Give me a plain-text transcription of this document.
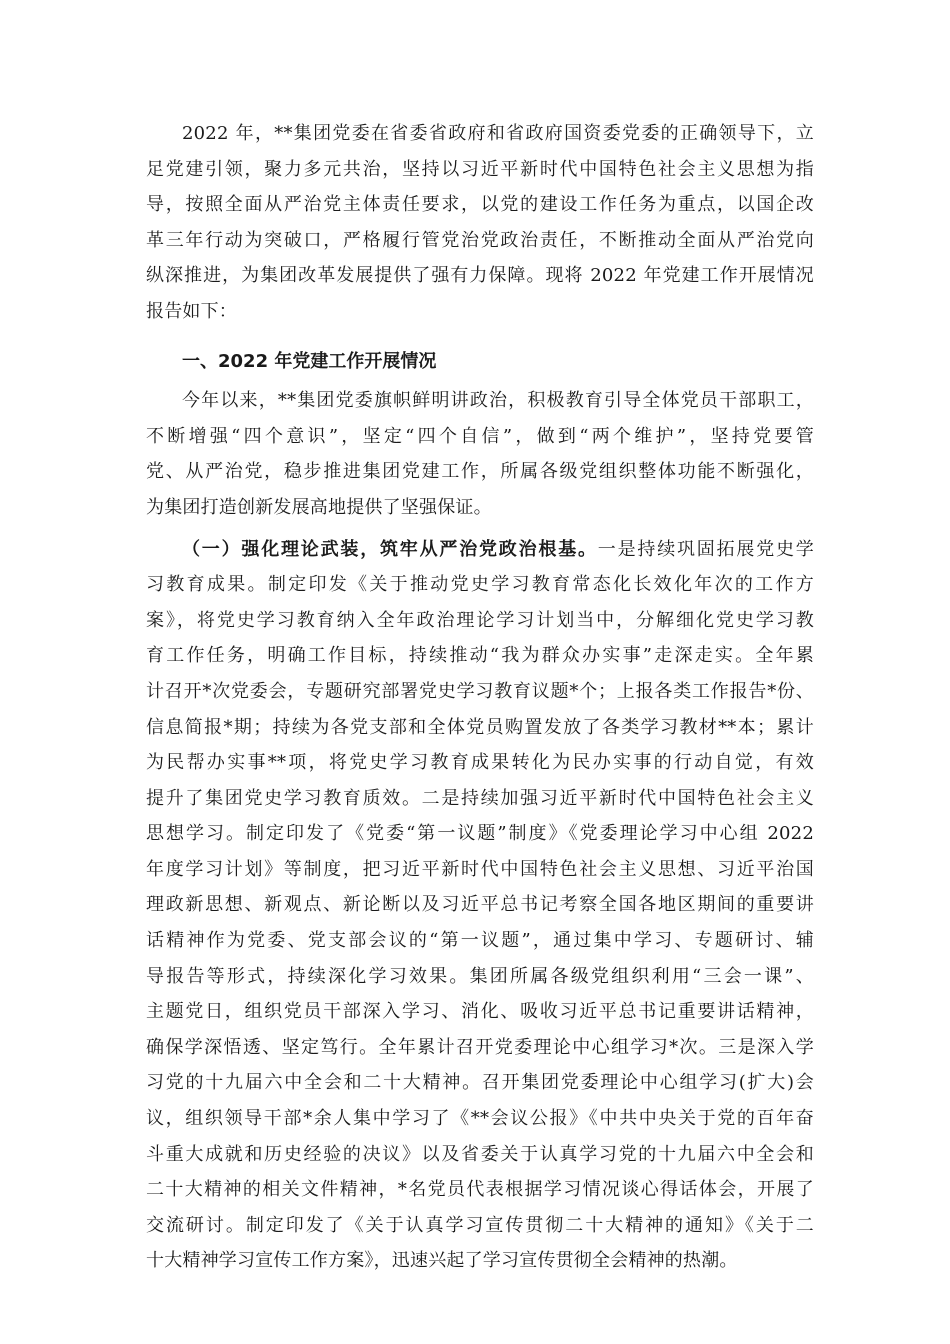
2022 年，**集团党委在省委省政府和省政府国资委党委的正确领导下，立
足党建引领，聚力多元共治，坚持以习近平新时代中国特色社会主义思想为指
导，按照全面从严治党主体责任要求，以党的建设工作任务为重点，以国企改
革三年行动为突破口，严格履行管党治党政治责任，不断推动全面从严治党向
纵深推进，为集团改革发展提供了强有力保障。现将 2022 年党建工作开展情况
报告如下：
一、2022 年党建工作开展情况
今年以来，**集团党委旗帜鲜明讲政治，积极教育引导全体党员干部职工，
不断增强“四个意识”，坚定“四个自信”，做到“两个维护”，坚持党要管
党、从严治党，稳步推进集团党建工作，所属各级党组织整体功能不断强化，
为集团打造创新发展高地提供了坚强保证。
（一）强化理论武装，筑牢从严治党政治根基。一是持续巩固拓展党史学
习教育成果。制定印发《关于推动党史学习教育常态化长效化年次的工作方
案》，将党史学习教育纳入全年政治理论学习计划当中，分解细化党史学习教
育工作任务，明确工作目标，持续推动“我为群众办实事”走深走实。全年累
计召开*次党委会，专题研究部署党史学习教育议题*个；上报各类工作报告*份、
信息简报*期；持续为各党支部和全体党员购置发放了各类学习教材**本；累计
为民帮办实事**项，将党史学习教育成果转化为民办实事的行动自觉，有效
提升了集团党史学习教育质效。二是持续加强习近平新时代中国特色社会主义
思想学习。制定印发了《党委“第一议题”制度》《党委理论学习中心组 2022
年度学习计划》等制度，把习近平新时代中国特色社会主义思想、习近平治国
理政新思想、新观点、新论断以及习近平总书记考察全国各地区期间的重要讲
话精神作为党委、党支部会议的“第一议题”，通过集中学习、专题研讨、辅
导报告等形式，持续深化学习效果。集团所属各级党组织利用“三会一课”、
主题党日，组织党员干部深入学习、消化、吸收习近平总书记重要讲话精神，
确保学深悟透、坚定笃行。全年累计召开党委理论中心组学习*次。三是深入学
习党的十九届六中全会和二十大精神。召开集团党委理论中心组学习(扩大)会
议，组织领导干部*余人集中学习了《**会议公报》《中共中央关于党的百年奋
斗重大成就和历史经验的决议》以及省委关于认真学习党的十九届六中全会和
二十大精神的相关文件精神，*名党员代表根据学习情况谈心得话体会，开展了
交流研讨。制定印发了《关于认真学习宣传贯彻二十大精神的通知》《关于二
十大精神学习宣传工作方案》，迅速兴起了学习宣传贯彻全会精神的热潮。
